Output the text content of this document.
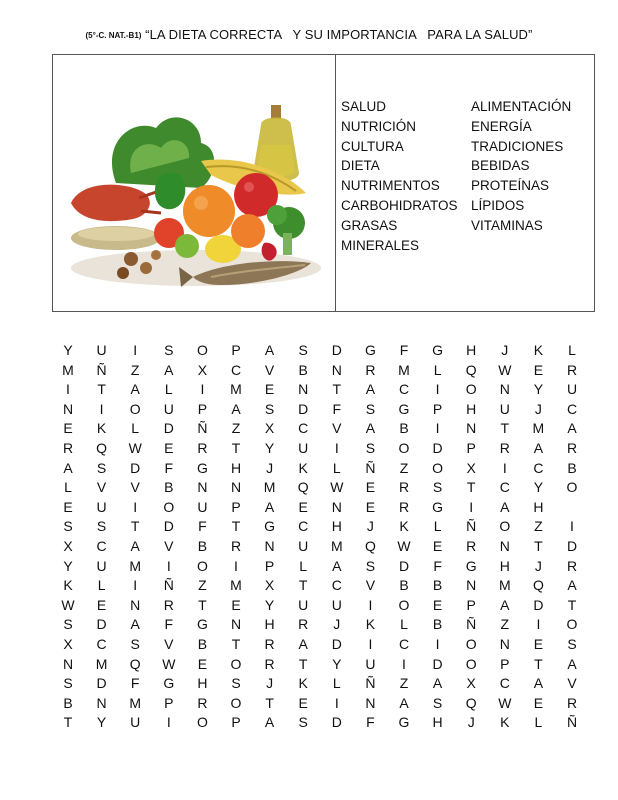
(5°-C. NAT.-B1) “LA DIETA CORRECTA   Y SU IMPORTANCIA   PARA LA SALUD”
SALUD
NUTRICIÓN
CULTURA
DIETA
NUTRIMENTOS
CARBOHIDRATOS
GRASAS
MINERALES
ALIMENTACIÓN
ENERGÍA
TRADICIONES
BEBIDAS
PROTEÍNAS
LÍPIDOS
VITAMINAS
Y	U	I	S	O	P	A	S	D	G	F	G	H	J	K	L
M	Ñ	Z	A	X	C	V	B	N	R	M	L	Q	W	E	R
I	T	A	L	I	M	E	N	T	A	C	I	O	N	Y	U
N	I	O	U	P	A	S	D	F	S	G	P	H	U	J	C
E	K	L	D	Ñ	Z	X	C	V	A	B	I	N	T	M	A
R	Q	W	E	R	T	Y	U	I	S	O	D	P	R	A	R
A	S	D	F	G	H	J	K	L	Ñ	Z	O	X	I	C	B
L	V	V	B	N	N	M	Q	W	E	R	S	T	C	Y	O
E	U	I	O	U	P	A	E	N	E	R	G	I	A	H
S	S	T	D	F	T	G	C	H	J	K	L	Ñ	O	Z	I
X	C	A	V	B	R	N	U	M	Q	W	E	R	N	T	D
Y	U	M	I	O	I	P	L	A	S	D	F	G	H	J	R
K	L	I	Ñ	Z	M	X	T	C	V	B	B	N	M	Q	A
W	E	N	R	T	E	Y	U	U	I	O	E	P	A	D	T
S	D	A	F	G	N	H	R	J	K	L	B	Ñ	Z	I	O
X	C	S	V	B	T	R	A	D	I	C	I	O	N	E	S
N	M	Q	W	E	O	R	T	Y	U	I	D	O	P	T	A
S	D	F	G	H	S	J	K	L	Ñ	Z	A	X	C	A	V
B	N	M	P	R	O	T	E	I	N	A	S	Q	W	E	R
T	Y	U	I	O	P	A	S	D	F	G	H	J	K	L	Ñ
